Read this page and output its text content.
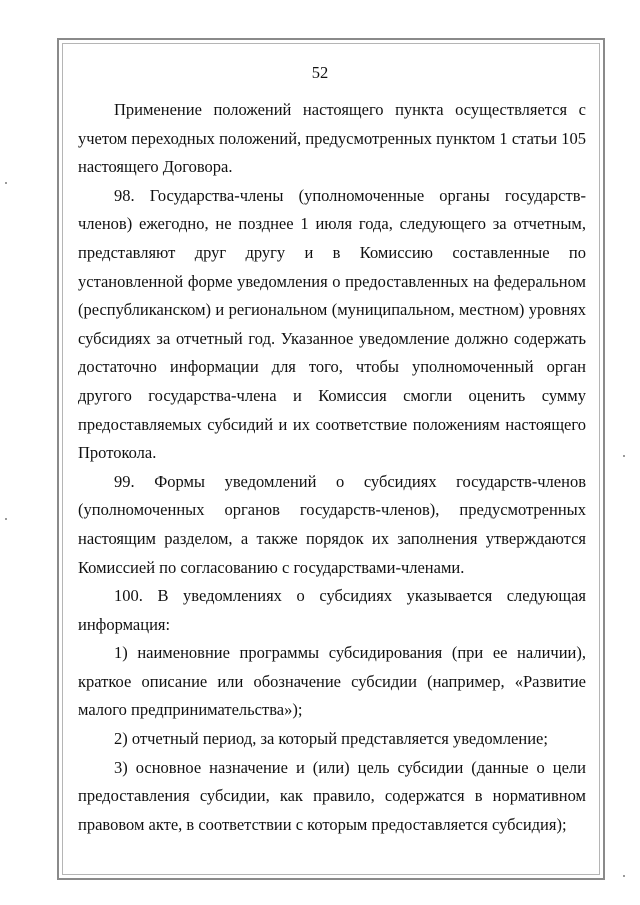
52

Применение положений настоящего пункта осуществляется с учетом переходных положений, предусмотренных пунктом 1 статьи 105 настоящего Договора.

98. Государства-члены (уполномоченные органы государств-членов) ежегодно, не позднее 1 июля года, следующего за отчетным, представляют друг другу и в Комиссию составленные по установленной форме уведомления о предоставленных на федеральном (республиканском) и региональном (муниципальном, местном) уровнях субсидиях за отчетный год. Указанное уведомление должно содержать достаточно информации для того, чтобы уполномоченный орган другого государства-члена и Комиссия смогли оценить сумму предоставляемых субсидий и их соответствие положениям настоящего Протокола.

99. Формы уведомлений о субсидиях государств-членов (уполномоченных органов государств-членов), предусмотренных настоящим разделом, а также порядок их заполнения утверждаются Комиссией по согласованию с государствами-членами.

100. В уведомлениях о субсидиях указывается следующая информация:

1) наименовние программы субсидирования (при ее наличии), краткое описание или обозначение субсидии (например, «Развитие малого предпринимательства»);

2) отчетный период, за который представляется уведомление;

3) основное назначение и (или) цель субсидии (данные о цели предоставления субсидии, как правило, содержатся в нормативном правовом акте, в соответствии с которым предоставляется субсидия);
